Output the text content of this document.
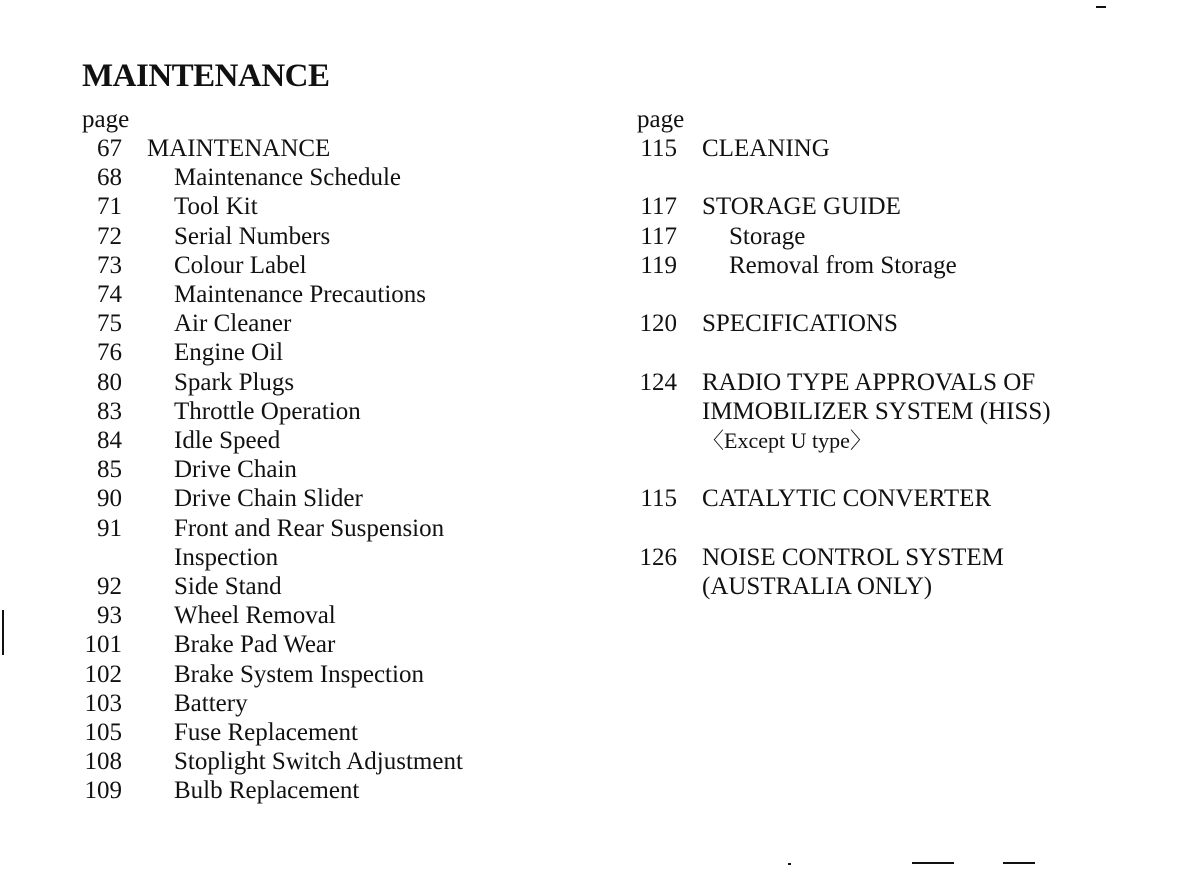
MAINTENANCE
page
67 MAINTENANCE
68 Maintenance Schedule
71 Tool Kit
72 Serial Numbers
73 Colour Label
74 Maintenance Precautions
75 Air Cleaner
76 Engine Oil
80 Spark Plugs
83 Throttle Operation
84 Idle Speed
85 Drive Chain
90 Drive Chain Slider
91 Front and Rear Suspension
Inspection
92 Side Stand
93 Wheel Removal
101 Brake Pad Wear
102 Brake System Inspection
103 Battery
105 Fuse Replacement
108 Stoplight Switch Adjustment
109 Bulb Replacement
page
115 CLEANING
117 STORAGE GUIDE
117 Storage
119 Removal from Storage
120 SPECIFICATIONS
124 RADIO TYPE APPROVALS OF
IMMOBILIZER SYSTEM (HISS)
〈Except U type〉
115 CATALYTIC CONVERTER
126 NOISE CONTROL SYSTEM
(AUSTRALIA ONLY)
